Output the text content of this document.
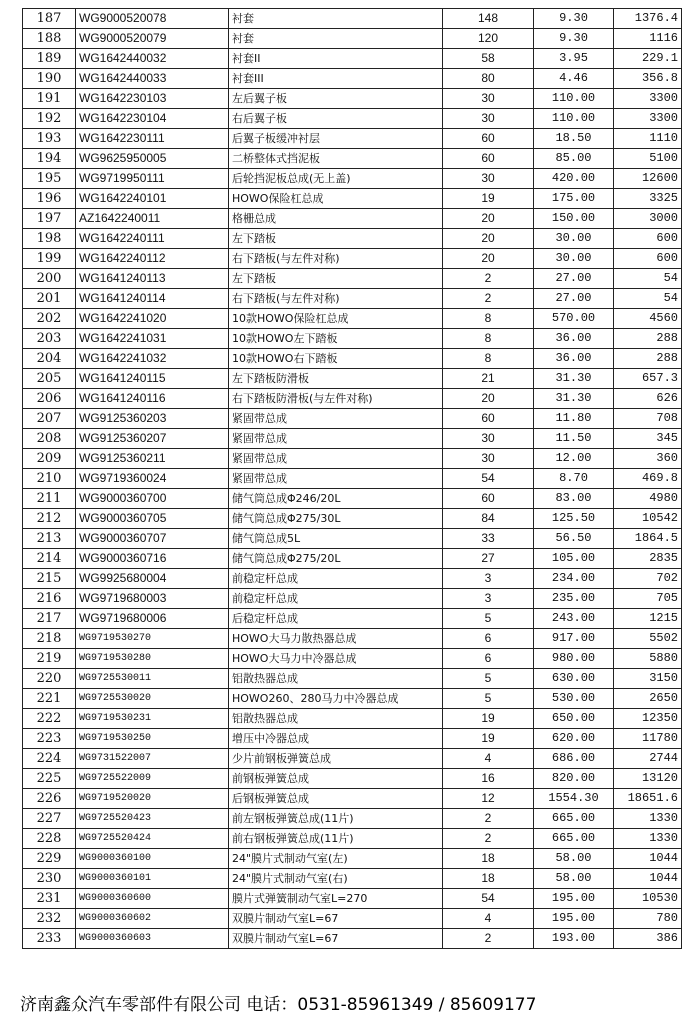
187	WG9000520078	衬套	148	9.30	1376.4
188	WG9000520079	衬套	120	9.30	1116
189	WG1642440032	衬套II	58	3.95	229.1
190	WG1642440033	衬套III	80	4.46	356.8
191	WG1642230103	左后翼子板	30	110.00	3300
192	WG1642230104	右后翼子板	30	110.00	3300
193	WG1642230111	后翼子板缓冲衬层	60	18.50	1110
194	WG9625950005	二桥整体式挡泥板	60	85.00	5100
195	WG9719950111	后轮挡泥板总成(无上盖)	30	420.00	12600
196	WG1642240101	HOWO保险杠总成	19	175.00	3325
197	AZ1642240011	格栅总成	20	150.00	3000
198	WG1642240111	左下踏板	20	30.00	600
199	WG1642240112	右下踏板(与左件对称)	20	30.00	600
200	WG1641240113	左下踏板	2	27.00	54
201	WG1641240114	右下踏板(与左件对称)	2	27.00	54
202	WG1642241020	10款HOWO保险杠总成	8	570.00	4560
203	WG1642241031	10款HOWO左下踏板	8	36.00	288
204	WG1642241032	10款HOWO右下踏板	8	36.00	288
205	WG1641240115	左下踏板防滑板	21	31.30	657.3
206	WG1641240116	右下踏板防滑板(与左件对称)	20	31.30	626
207	WG9125360203	紧固带总成	60	11.80	708
208	WG9125360207	紧固带总成	30	11.50	345
209	WG9125360211	紧固带总成	30	12.00	360
210	WG9719360024	紧固带总成	54	8.70	469.8
211	WG9000360700	储气筒总成Φ246/20L	60	83.00	4980
212	WG9000360705	储气筒总成Φ275/30L	84	125.50	10542
213	WG9000360707	储气筒总成5L	33	56.50	1864.5
214	WG9000360716	储气筒总成Φ275/20L	27	105.00	2835
215	WG9925680004	前稳定杆总成	3	234.00	702
216	WG9719680003	前稳定杆总成	3	235.00	705
217	WG9719680006	后稳定杆总成	5	243.00	1215
218	WG9719530270	HOWO大马力散热器总成	6	917.00	5502
219	WG9719530280	HOWO大马力中冷器总成	6	980.00	5880
220	WG9725530011	铝散热器总成	5	630.00	3150
221	WG9725530020	HOWO260、280马力中冷器总成	5	530.00	2650
222	WG9719530231	铝散热器总成	19	650.00	12350
223	WG9719530250	增压中冷器总成	19	620.00	11780
224	WG9731522007	少片前钢板弹簧总成	4	686.00	2744
225	WG9725522009	前钢板弹簧总成	16	820.00	13120
226	WG9719520020	后钢板弹簧总成	12	1554.30	18651.6
227	WG9725520423	前左钢板弹簧总成(11片)	2	665.00	1330
228	WG9725520424	前右钢板弹簧总成(11片)	2	665.00	1330
229	WG9000360100	24"膜片式制动气室(左)	18	58.00	1044
230	WG9000360101	24"膜片式制动气室(右)	18	58.00	1044
231	WG9000360600	膜片式弹簧制动气室L=270	54	195.00	10530
232	WG9000360602	双膜片制动气室L=67	4	195.00	780
233	WG9000360603	双膜片制动气室L=67	2	193.00	386
济南鑫众汽车零部件有限公司 电话：0531-85961349 / 85609177
